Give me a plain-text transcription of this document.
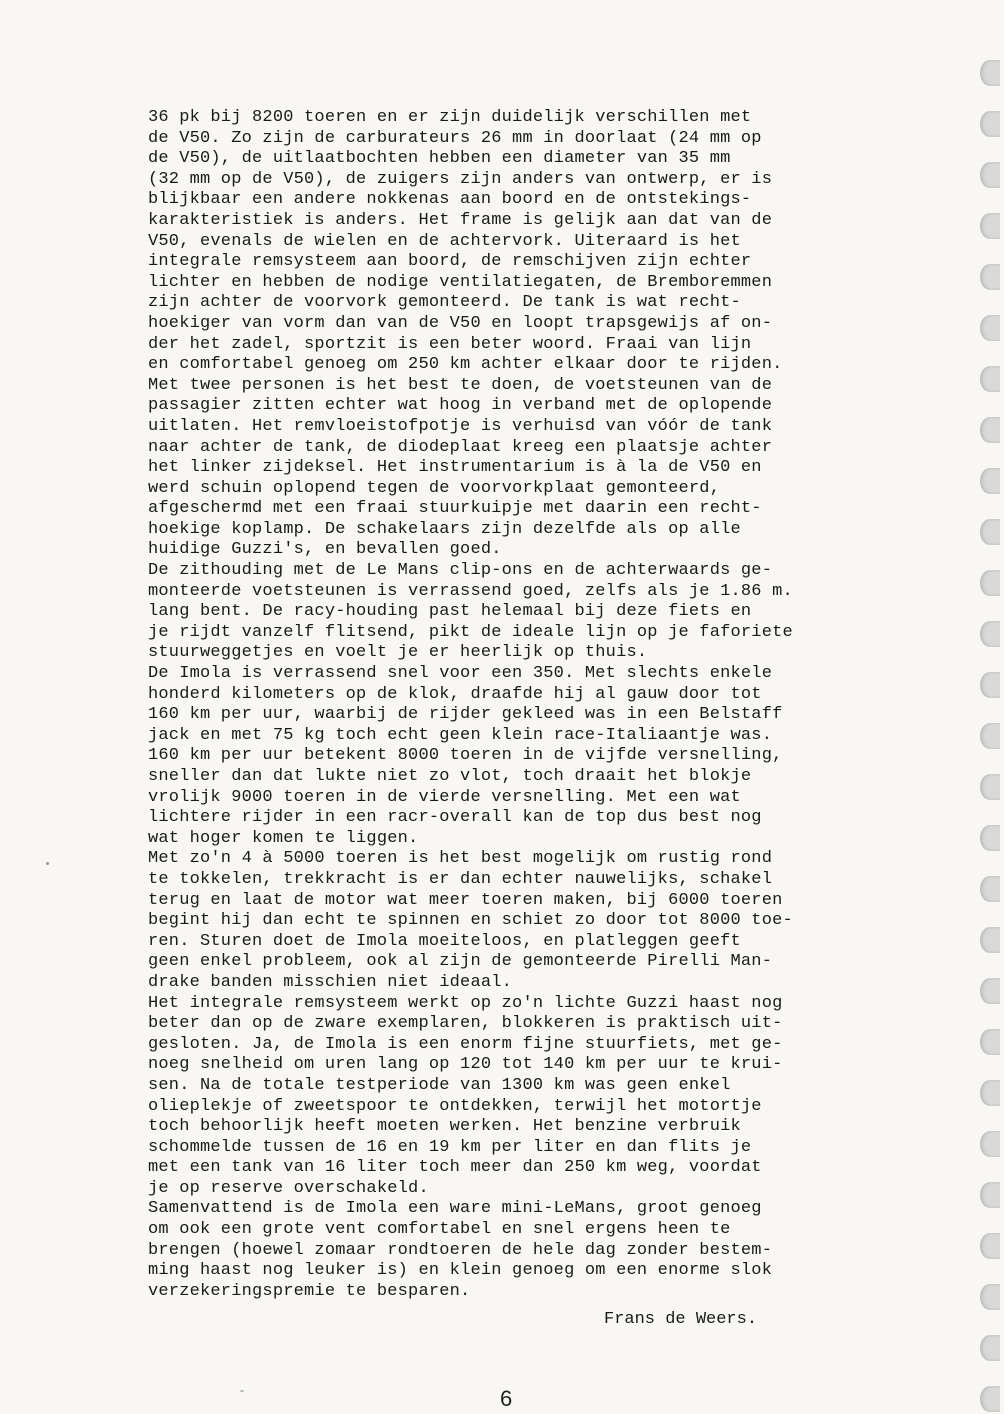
36 pk bij 8200 toeren en er zijn duidelijk verschillen met
de V50. Zo zijn de carburateurs 26 mm in doorlaat (24 mm op
de V50), de uitlaatbochten hebben een diameter van 35 mm
(32 mm op de V50), de zuigers zijn anders van ontwerp, er is
blijkbaar een andere nokkenas aan boord en de ontstekings-
karakteristiek is anders. Het frame is gelijk aan dat van de
V50, evenals de wielen en de achtervork. Uiteraard is het
integrale remsysteem aan boord, de remschijven zijn echter
lichter en hebben de nodige ventilatiegaten, de Bremboremmen
zijn achter de voorvork gemonteerd. De tank is wat recht-
hoekiger van vorm dan van de V50 en loopt trapsgewijs af on-
der het zadel, sportzit is een beter woord. Fraai van lijn
en comfortabel genoeg om 250 km achter elkaar door te rijden.
Met twee personen is het best te doen, de voetsteunen van de
passagier zitten echter wat hoog in verband met de oplopende
uitlaten. Het remvloeistofpotje is verhuisd van vóór de tank
naar achter de tank, de diodeplaat kreeg een plaatsje achter
het linker zijdeksel. Het instrumentarium is à la de V50 en
werd schuin oplopend tegen de voorvorkplaat gemonteerd,
afgeschermd met een fraai stuurkuipje met daarin een recht-
hoekige koplamp. De schakelaars zijn dezelfde als op alle
huidige Guzzi's, en bevallen goed.
De zithouding met de Le Mans clip-ons en de achterwaards ge-
monteerde voetsteunen is verrassend goed, zelfs als je 1.86 m.
lang bent. De racy-houding past helemaal bij deze fiets en
je rijdt vanzelf flitsend, pikt de ideale lijn op je faforiete
stuurweggetjes en voelt je er heerlijk op thuis.
De Imola is verrassend snel voor een 350. Met slechts enkele
honderd kilometers op de klok, draafde hij al gauw door tot
160 km per uur, waarbij de rijder gekleed was in een Belstaff
jack en met 75 kg toch echt geen klein race-Italiaantje was.
160 km per uur betekent 8000 toeren in de vijfde versnelling,
sneller dan dat lukte niet zo vlot, toch draait het blokje
vrolijk 9000 toeren in de vierde versnelling. Met een wat
lichtere rijder in een racr-overall kan de top dus best nog
wat hoger komen te liggen.
Met zo'n 4 à 5000 toeren is het best mogelijk om rustig rond
te tokkelen, trekkracht is er dan echter nauwelijks, schakel
terug en laat de motor wat meer toeren maken, bij 6000 toeren
begint hij dan echt te spinnen en schiet zo door tot 8000 toe-
ren. Sturen doet de Imola moeiteloos, en platleggen geeft
geen enkel probleem, ook al zijn de gemonteerde Pirelli Man-
drake banden misschien niet ideaal.
Het integrale remsysteem werkt op zo'n lichte Guzzi haast nog
beter dan op de zware exemplaren, blokkeren is praktisch uit-
gesloten. Ja, de Imola is een enorm fijne stuurfiets, met ge-
noeg snelheid om uren lang op 120 tot 140 km per uur te krui-
sen. Na de totale testperiode van 1300 km was geen enkel
olieplekje of zweetspoor te ontdekken, terwijl het motortje
toch behoorlijk heeft moeten werken. Het benzine verbruik
schommelde tussen de 16 en 19 km per liter en dan flits je
met een tank van 16 liter toch meer dan 250 km weg, voordat
je op reserve overschakeld.
Samenvattend is de Imola een ware mini-LeMans, groot genoeg
om ook een grote vent comfortabel en snel ergens heen te
brengen (hoewel zomaar rondtoeren de hele dag zonder bestem-
ming haast nog leuker is) en klein genoeg om een enorme slok
verzekeringspremie te besparen.
Frans de Weers.
6
